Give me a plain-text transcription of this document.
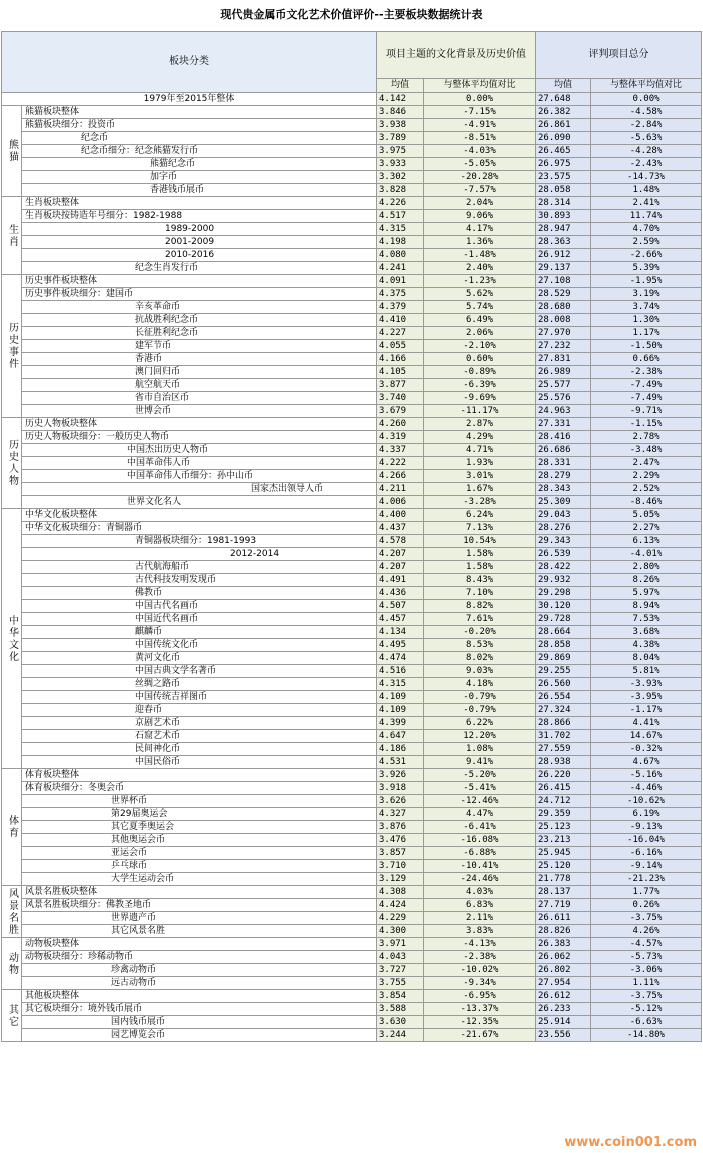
现代贵金属币文化艺术价值评价--主要板块数据统计表
板块分类		项目主题的文化背景及历史价值		评判项目总分	
		均值	与整体平均值对比	均值	与整体平均值对比
1979年至2015年整体		4.142	0.00%	27.648	0.00%
熊猫	熊猫板块整体	3.846	-7.15%	26.382	-4.58%
	熊猫板块细分：投资币	3.938	-4.91%	26.861	-2.84%
	纪念币	3.789	-8.51%	26.090	-5.63%
	纪念币细分：纪念熊猫发行币	3.975	-4.03%	26.465	-4.28%
	熊猫纪念币	3.933	-5.05%	26.975	-2.43%
	加字币	3.302	-20.28%	23.575	-14.73%
	香港钱币展币	3.828	-7.57%	28.058	1.48%
生肖	生肖板块整体	4.226	2.04%	28.314	2.41%
	生肖板块按铸造年号细分：1982-1988	4.517	9.06%	30.893	11.74%
	1989-2000	4.315	4.17%	28.947	4.70%
	2001-2009	4.198	1.36%	28.363	2.59%
	2010-2016	4.080	-1.48%	26.912	-2.66%
	纪念生肖发行币	4.241	2.40%	29.137	5.39%
历史事件	历史事件板块整体	4.091	-1.23%	27.108	-1.95%
	历史事件板块细分：建国币	4.375	5.62%	28.529	3.19%
	辛亥革命币	4.379	5.74%	28.680	3.74%
	抗战胜利纪念币	4.410	6.49%	28.008	1.30%
	长征胜利纪念币	4.227	2.06%	27.970	1.17%
	建军节币	4.055	-2.10%	27.232	-1.50%
	香港币	4.166	0.60%	27.831	0.66%
	澳门回归币	4.105	-0.89%	26.989	-2.38%
	航空航天币	3.877	-6.39%	25.577	-7.49%
	省市自治区币	3.740	-9.69%	25.576	-7.49%
	世博会币	3.679	-11.17%	24.963	-9.71%
历史人物	历史人物板块整体	4.260	2.87%	27.331	-1.15%
	历史人物板块细分：一般历史人物币	4.319	4.29%	28.416	2.78%
	中国杰出历史人物币	4.337	4.71%	26.686	-3.48%
	中国革命伟人币	4.222	1.93%	28.331	2.47%
	中国革命伟人币细分：孙中山币	4.266	3.01%	28.279	2.29%
	国家杰出领导人币	4.211	1.67%	28.343	2.52%
	世界文化名人	4.006	-3.28%	25.309	-8.46%
中华文化	中华文化板块整体	4.400	6.24%	29.043	5.05%
	中华文化板块细分：青铜器币	4.437	7.13%	28.276	2.27%
	青铜器板块细分：1981-1993	4.578	10.54%	29.343	6.13%
	2012-2014	4.207	1.58%	26.539	-4.01%
	古代航海船币	4.207	1.58%	28.422	2.80%
	古代科技发明发现币	4.491	8.43%	29.932	8.26%
	佛教币	4.436	7.10%	29.298	5.97%
	中国古代名画币	4.507	8.82%	30.120	8.94%
	中国近代名画币	4.457	7.61%	29.728	7.53%
	麒麟币	4.134	-0.20%	28.664	3.68%
	中国传统文化币	4.495	8.53%	28.858	4.38%
	黄河文化币	4.474	8.02%	29.869	8.04%
	中国古典文学名著币	4.516	9.03%	29.255	5.81%
	丝绸之路币	4.315	4.18%	26.560	-3.93%
	中国传统吉祥图币	4.109	-0.79%	26.554	-3.95%
	迎春币	4.109	-0.79%	27.324	-1.17%
	京剧艺术币	4.399	6.22%	28.866	4.41%
	石窟艺术币	4.647	12.20%	31.702	14.67%
	民间神化币	4.186	1.08%	27.559	-0.32%
	中国民俗币	4.531	9.41%	28.938	4.67%
体育	体育板块整体	3.926	-5.20%	26.220	-5.16%
	体育板块细分：冬奥会币	3.918	-5.41%	26.415	-4.46%
	世界杯币	3.626	-12.46%	24.712	-10.62%
	第29届奥运会	4.327	4.47%	29.359	6.19%
	其它夏季奥运会	3.876	-6.41%	25.123	-9.13%
	其他奥运会币	3.476	-16.08%	23.213	-16.04%
	亚运会币	3.857	-6.88%	25.945	-6.16%
	乒乓球币	3.710	-10.41%	25.120	-9.14%
	大学生运动会币	3.129	-24.46%	21.778	-21.23%
风景名胜	风景名胜板块整体	4.308	4.03%	28.137	1.77%
	风景名胜板块细分：佛教圣地币	4.424	6.83%	27.719	0.26%
	世界遗产币	4.229	2.11%	26.611	-3.75%
	其它风景名胜	4.300	3.83%	28.826	4.26%
动物	动物板块整体	3.971	-4.13%	26.383	-4.57%
	动物板块细分：珍稀动物币	4.043	-2.38%	26.062	-5.73%
	珍禽动物币	3.727	-10.02%	26.802	-3.06%
	远古动物币	3.755	-9.34%	27.954	1.11%
其它	其他板块整体	3.854	-6.95%	26.612	-3.75%
	其它板块细分：境外钱币展币	3.588	-13.37%	26.233	-5.12%
	国内钱币展币	3.630	-12.35%	25.914	-6.63%
	园艺博览会币	3.244	-21.67%	23.556	-14.80%
www.coin001.com
